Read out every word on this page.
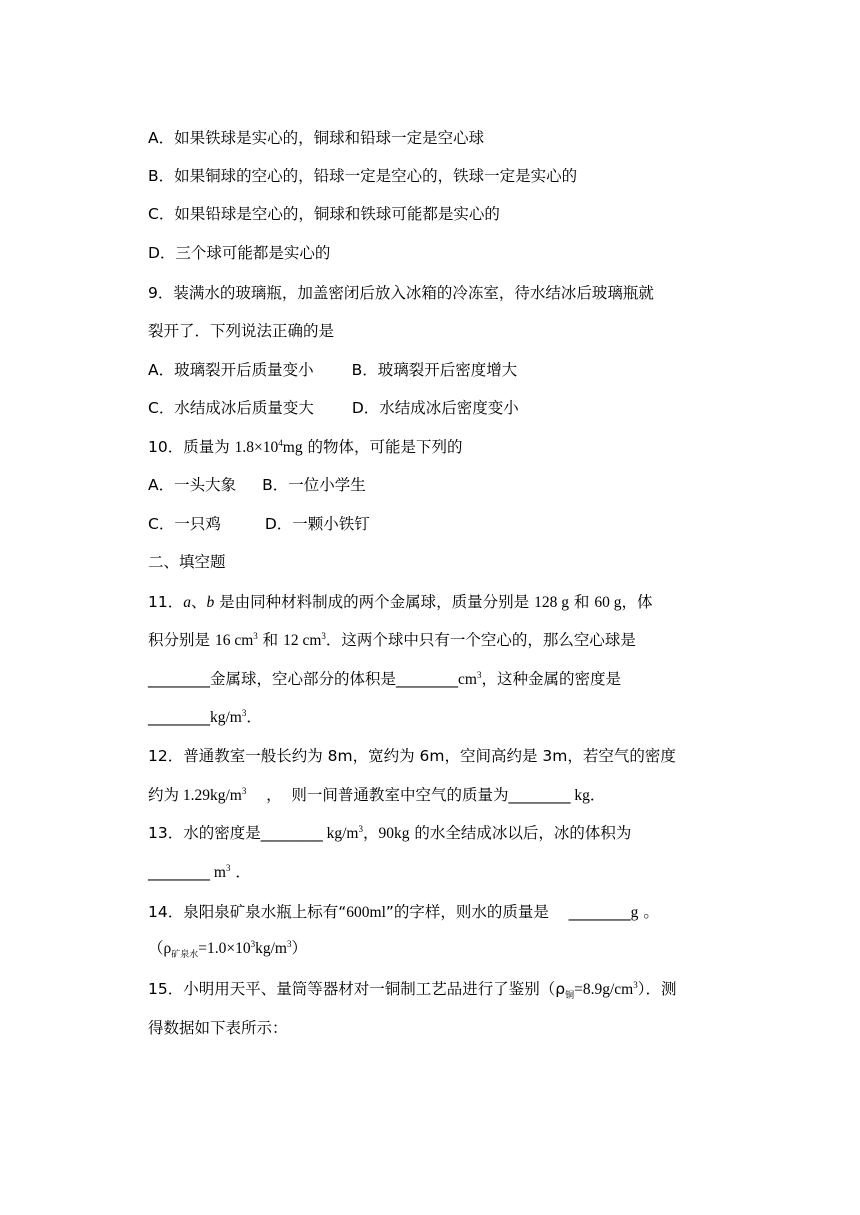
A．如果铁球是实心的，铜球和铅球一定是空心球
B．如果铜球的空心的，铅球一定是空心的，铁球一定是实心的
C．如果铅球是空心的，铜球和铁球可能都是实心的
D．三个球可能都是实心的
9．装满水的玻璃瓶，加盖密闭后放入冰箱的冷冻室，待水结冰后玻璃瓶就
裂开了．下列说法正确的是
A．玻璃裂开后质量变小 B．玻璃裂开后密度增大
C．水结成冰后质量变大 D．水结成冰后密度变小
10．质量为 $1.8\times 10^4mg$ 的物体，可能是下列的
A．一头大象 B．一位小学生
C．一只鸡	D．一颗小铁钉
二、填空题
11．a、b 是由同种材料制成的两个金属球，质量分别是 128 g 和 60 g，体
积分别是 16 $cm^3$ 和 12 $cm^3$．这两个球中只有一个空心的，那么空心球是
________金属球，空心部分的体积是$\_\_\_\_\_\_\_\_cm^3$，这种金属的密度是
$\_\_\_\_\_\_\_\_kg/m^3$．
12．普通教室一般长约为 8m，宽约为 6m，空间高约是 3m，若空气的密度
约为 $1.29kg/m^3$    ，  则一间普通教室中空气的质量为________ kg．
13．水的密度是________ $kg/m^3$，90kg 的水全结成冰以后，冰的体积为
________ $m^3$ ．
14．泉阳泉矿泉水瓶上标有“600ml”的字样，则水的质量是    ________g 。
$(\rho_{矿泉水}=1.0\times 10^3kg/m^3)$
15．小明用天平、量筒等器材对一铜制工艺品进行了鉴别$(\rho_铜=8.9g/cm^3)$．测
得数据如下表所示：
